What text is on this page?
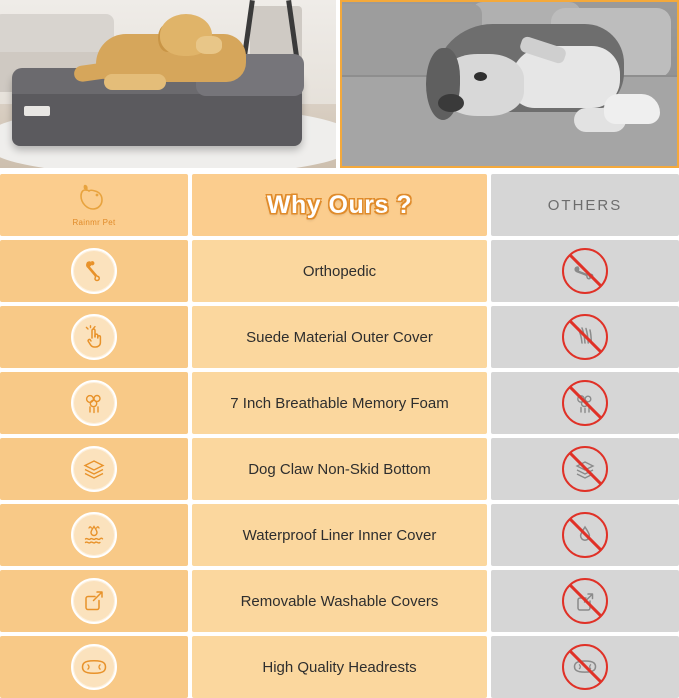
Rainmr Pet
Why Ours ?	OTHERS
Orthopedic
Suede Material Outer Cover
7 Inch Breathable Memory Foam
Dog Claw Non-Skid Bottom
Waterproof Liner Inner Cover
Removable Washable Covers
High Quality Headrests
